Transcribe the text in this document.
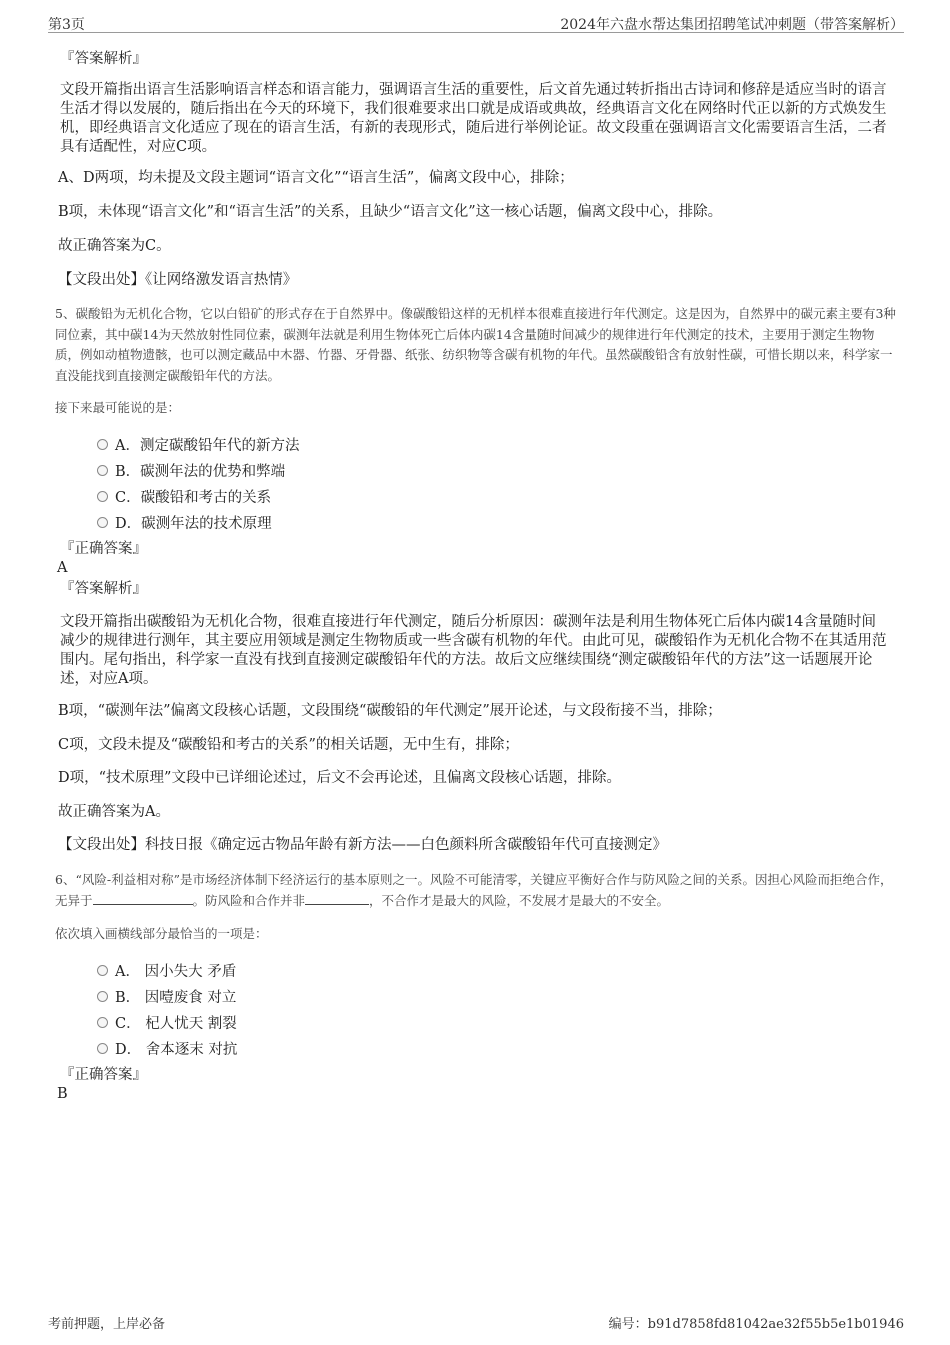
第3页	2024年六盘水帮达集团招聘笔试冲刺题（带答案解析）
『答案解析』

文段开篇指出语言生活影响语言样态和语言能力，强调语言生活的重要性，后文首先通过转折指出古诗词和修辞是适应当时的语言生活才得以发展的，随后指出在今天的环境下，我们很难要求出口就是成语或典故，经典语言文化在网络时代正以新的方式焕发生机，即经典语言文化适应了现在的语言生活，有新的表现形式，随后进行举例论证。故文段重在强调语言文化需要语言生活，二者具有适配性，对应C项。

A、D两项，均未提及文段主题词“语言文化”“语言生活”，偏离文段中心，排除；

B项，未体现“语言文化”和“语言生活”的关系，且缺少“语言文化”这一核心话题，偏离文段中心，排除。

故正确答案为C。

【文段出处】《让网络激发语言热情》

5、碳酸铅为无机化合物，它以白铅矿的形式存在于自然界中。像碳酸铅这样的无机样本很难直接进行年代测定。这是因为，自然界中的碳元素主要有3种同位素，其中碳14为天然放射性同位素，碳测年法就是利用生物体死亡后体内碳14含量随时间减少的规律进行年代测定的技术，主要用于测定生物物质，例如动植物遗骸，也可以测定藏品中木器、竹器、牙骨器、纸张、纺织物等含碳有机物的年代。虽然碳酸铅含有放射性碳，可惜长期以来，科学家一直没能找到直接测定碳酸铅年代的方法。

接下来最可能说的是：

A．测定碳酸铅年代的新方法
B．碳测年法的优势和弊端
C．碳酸铅和考古的关系
D．碳测年法的技术原理
『正确答案』
A
『答案解析』

文段开篇指出碳酸铅为无机化合物，很难直接进行年代测定，随后分析原因：碳测年法是利用生物体死亡后体内碳14含量随时间减少的规律进行测年，其主要应用领域是测定生物物质或一些含碳有机物的年代。由此可见，碳酸铅作为无机化合物不在其适用范围内。尾句指出，科学家一直没有找到直接测定碳酸铅年代的方法。故后文应继续围绕“测定碳酸铅年代的方法”这一话题展开论述，对应A项。

B项，“碳测年法”偏离文段核心话题，文段围绕“碳酸铅的年代测定”展开论述，与文段衔接不当，排除；

C项，文段未提及“碳酸铅和考古的关系”的相关话题，无中生有，排除；

D项，“技术原理”文段中已详细论述过，后文不会再论述，且偏离文段核心话题，排除。

故正确答案为A。

【文段出处】科技日报《确定远古物品年龄有新方法——白色颜料所含碳酸铅年代可直接测定》

6、“风险-利益相对称”是市场经济体制下经济运行的基本原则之一。风险不可能清零，关键应平衡好合作与防风险之间的关系。因担心风险而拒绝合作，无异于	。防风险和合作并非	，不合作才是最大的风险，不发展才是最大的不安全。

依次填入画横线部分最恰当的一项是：

A． 因小失大 矛盾
B． 因噎废食 对立
C． 杞人忧天 割裂
D． 舍本逐末 对抗
『正确答案』
B
考前押题，上岸必备	编号：b91d7858fd81042ae32f55b5e1b01946
